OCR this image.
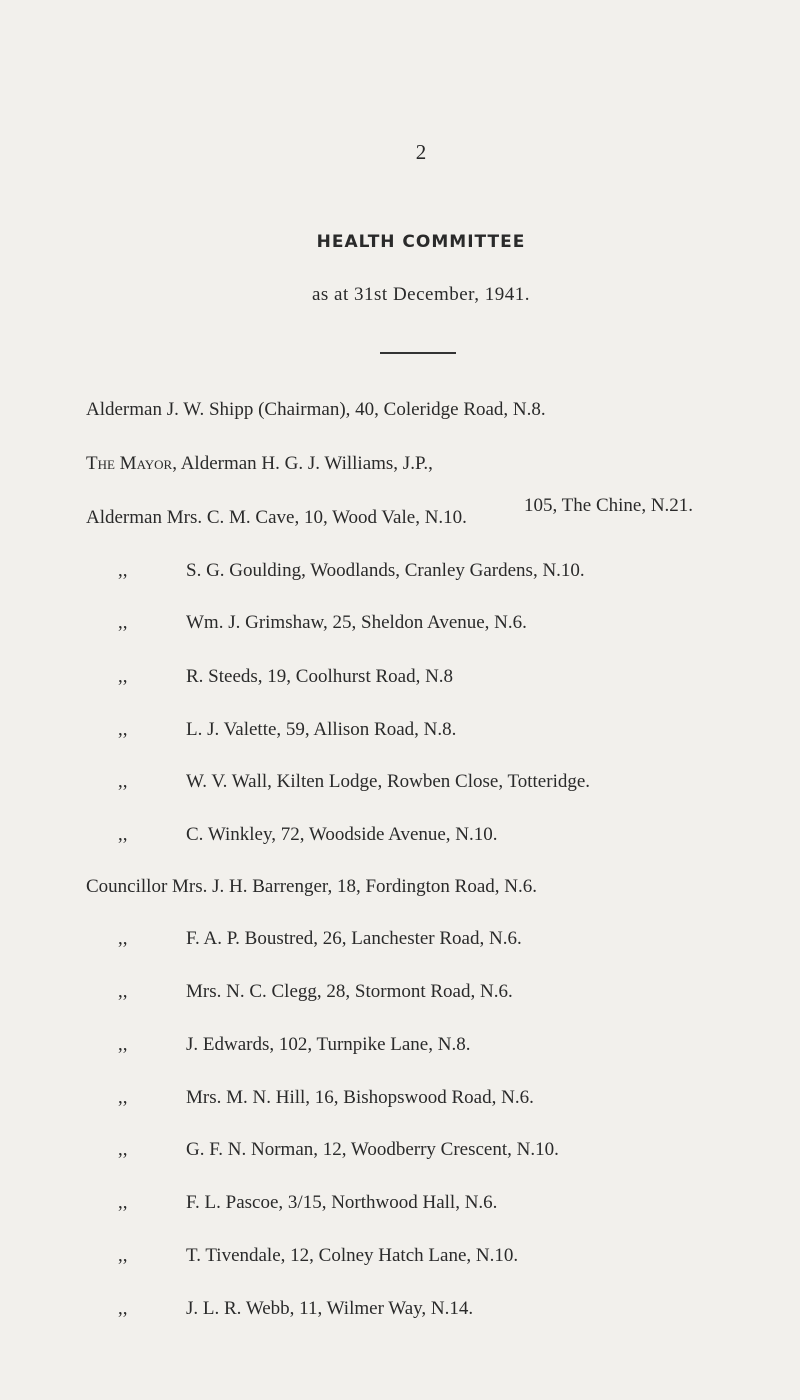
2
HEALTH COMMITTEE
as at 31st December, 1941.
Alderman J. W. Shipp (Chairman), 40, Coleridge Road, N.8.
The Mayor, Alderman H. G. J. Williams, J.P.,
105, The Chine, N.21.
Alderman Mrs. C. M. Cave, 10, Wood Vale, N.10.
,,	S. G. Goulding, Woodlands, Cranley Gardens, N.10.
,,	Wm. J. Grimshaw, 25, Sheldon Avenue, N.6.
,,	R. Steeds, 19, Coolhurst Road, N.8
,,	L. J. Valette, 59, Allison Road, N.8.
,,	W. V. Wall, Kilten Lodge, Rowben Close, Totteridge.
,,	C. Winkley, 72, Woodside Avenue, N.10.
Councillor Mrs. J. H. Barrenger, 18, Fordington Road, N.6.
,,	F. A. P. Boustred, 26, Lanchester Road, N.6.
,,	Mrs. N. C. Clegg, 28, Stormont Road, N.6.
,,	J. Edwards, 102, Turnpike Lane, N.8.
,,	Mrs. M. N. Hill, 16, Bishopswood Road, N.6.
,,	G. F. N. Norman, 12, Woodberry Crescent, N.10.
,,	F. L. Pascoe, 3/15, Northwood Hall, N.6.
,,	T. Tivendale, 12, Colney Hatch Lane, N.10.
,,	J. L. R. Webb, 11, Wilmer Way, N.14.
